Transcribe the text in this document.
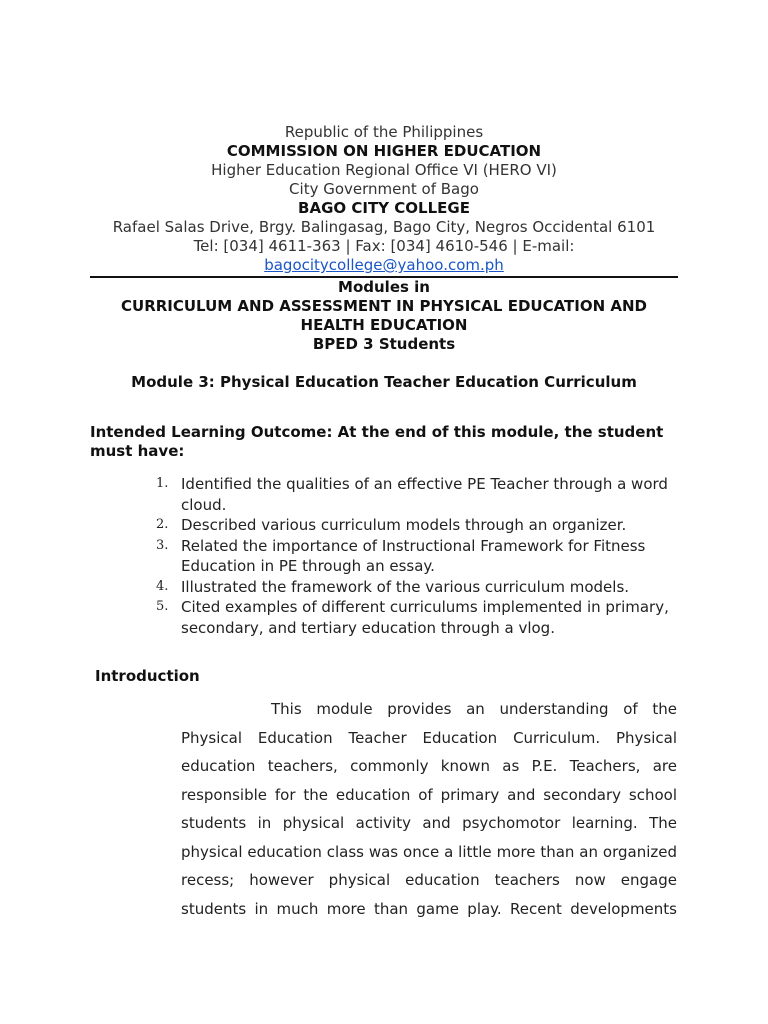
Republic of the Philippines
COMMISSION ON HIGHER EDUCATION
Higher Education Regional Office VI (HERO VI)
City Government of Bago
BAGO CITY COLLEGE
Rafael Salas Drive, Brgy. Balingasag, Bago City, Negros Occidental 6101
Tel: [034] 4611-363 | Fax: [034] 4610-546 | E-mail:
bagocitycollege@yahoo.com.ph
Modules in
CURRICULUM AND ASSESSMENT IN PHYSICAL EDUCATION AND
HEALTH EDUCATION
BPED 3 Students
Module 3: Physical Education Teacher Education Curriculum
Intended Learning Outcome: At the end of this module, the student
must have:
1. Identified the qualities of an effective PE Teacher through a word
cloud.
2. Described various curriculum models through an organizer.
3. Related the importance of Instructional Framework for Fitness
Education in PE through an essay.
4. Illustrated the framework of the various curriculum models.
5. Cited examples of different curriculums implemented in primary,
secondary, and tertiary education through a vlog.
Introduction
This module provides an understanding of the
Physical Education Teacher Education Curriculum. Physical
education teachers, commonly known as P.E. Teachers, are
responsible for the education of primary and secondary school
students in physical activity and psychomotor learning. The
physical education class was once a little more than an organized
recess; however physical education teachers now engage
students in much more than game play. Recent developments
